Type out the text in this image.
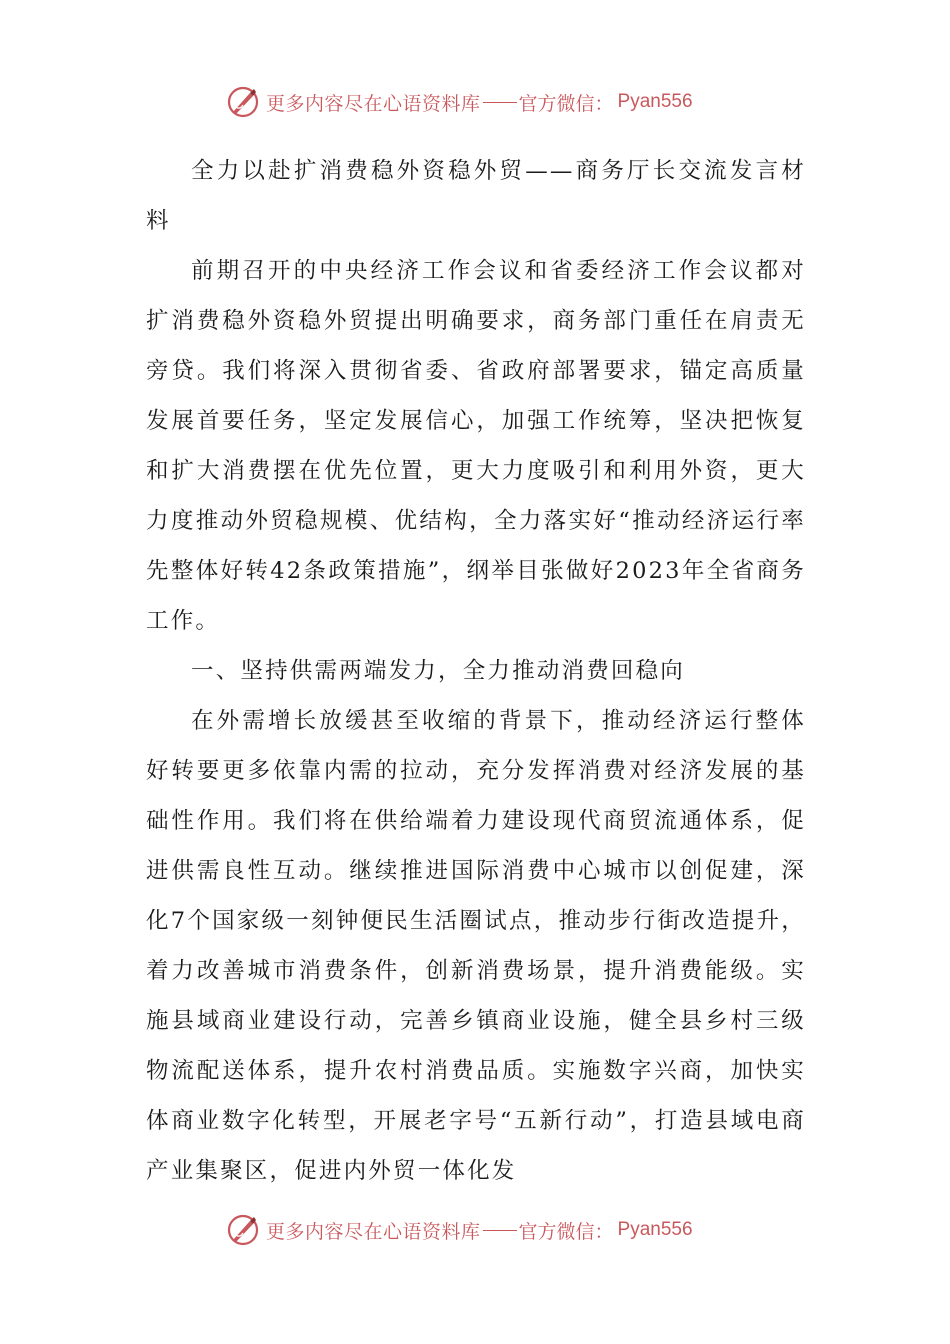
更多内容尽在心语资料库 官方微信： Pyan556

全力以赴扩消费稳外资稳外贸——商务厅长交流发言材料

前期召开的中央经济工作会议和省委经济工作会议都对扩消费稳外资稳外贸提出明确要求，商务部门重任在肩责无旁贷。我们将深入贯彻省委、省政府部署要求，锚定高质量发展首要任务，坚定发展信心，加强工作统筹，坚决把恢复和扩大消费摆在优先位置，更大力度吸引和利用外资，更大力度推动外贸稳规模、优结构，全力落实好“推动经济运行率先整体好转42条政策措施”，纲举目张做好2023年全省商务工作。

一、坚持供需两端发力，全力推动消费回稳向

在外需增长放缓甚至收缩的背景下，推动经济运行整体好转要更多依靠内需的拉动，充分发挥消费对经济发展的基础性作用。我们将在供给端着力建设现代商贸流通体系，促进供需良性互动。继续推进国际消费中心城市以创促建，深化7个国家级一刻钟便民生活圈试点，推动步行街改造提升，着力改善城市消费条件，创新消费场景，提升消费能级。实施县域商业建设行动，完善乡镇商业设施，健全县乡村三级物流配送体系，提升农村消费品质。实施数字兴商，加快实体商业数字化转型，开展老字号“五新行动”，打造县域电商产业集聚区，促进内外贸一体化发

更多内容尽在心语资料库 官方微信： Pyan556
